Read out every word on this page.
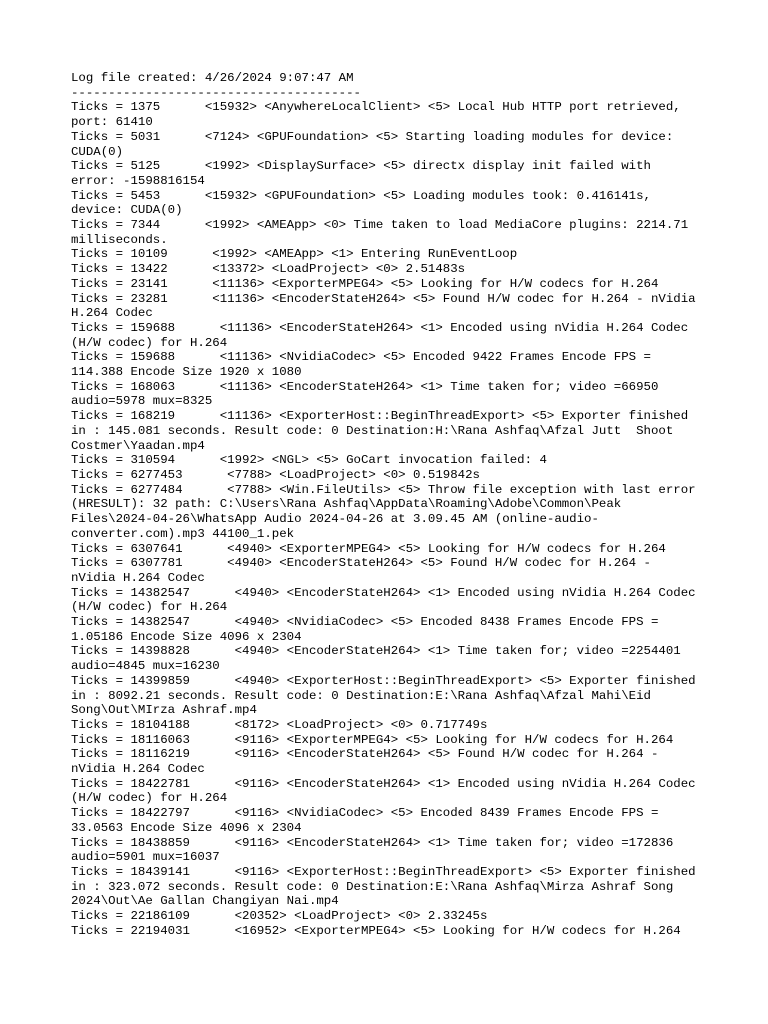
Log file created: 4/26/2024 9:07:47 AM

---------------------------------------

Ticks = 1375      <15932> <AnywhereLocalClient> <5> Local Hub HTTP port retrieved, port: 61410

Ticks = 5031      <7124> <GPUFoundation> <5> Starting loading modules for device: CUDA(0)

Ticks = 5125      <1992> <DisplaySurface> <5> directx display init failed with error: -1598816154

Ticks = 5453      <15932> <GPUFoundation> <5> Loading modules took: 0.416141s, device: CUDA(0)

Ticks = 7344      <1992> <AMEApp> <0> Time taken to load MediaCore plugins: 2214.71 milliseconds.

Ticks = 10109      <1992> <AMEApp> <1> Entering RunEventLoop

Ticks = 13422      <13372> <LoadProject> <0> 2.51483s

Ticks = 23141      <11136> <ExporterMPEG4> <5> Looking for H/W codecs for H.264

Ticks = 23281      <11136> <EncoderStateH264> <5> Found H/W codec for H.264 - nVidia H.264 Codec

Ticks = 159688      <11136> <EncoderStateH264> <1> Encoded using nVidia H.264 Codec (H/W codec) for H.264

Ticks = 159688      <11136> <NvidiaCodec> <5> Encoded 9422 Frames Encode FPS = 114.388 Encode Size 1920 x 1080

Ticks = 168063      <11136> <EncoderStateH264> <1> Time taken for; video =66950 audio=5978 mux=8325

Ticks = 168219      <11136> <ExporterHost::BeginThreadExport> <5> Exporter finished in : 145.081 seconds. Result code: 0 Destination:H:\Rana Ashfaq\Afzal Jutt  Shoot Costmer\Yaadan.mp4

Ticks = 310594      <1992> <NGL> <5> GoCart invocation failed: 4

Ticks = 6277453      <7788> <LoadProject> <0> 0.519842s

Ticks = 6277484      <7788> <Win.FileUtils> <5> Throw file exception with last error (HRESULT): 32 path: C:\Users\Rana Ashfaq\AppData\Roaming\Adobe\Common\Peak Files\2024-04-26\WhatsApp Audio 2024-04-26 at 3.09.45 AM (online-audio-converter.com).mp3 44100_1.pek

Ticks = 6307641      <4940> <ExporterMPEG4> <5> Looking for H/W codecs for H.264

Ticks = 6307781      <4940> <EncoderStateH264> <5> Found H/W codec for H.264 - nVidia H.264 Codec

Ticks = 14382547      <4940> <EncoderStateH264> <1> Encoded using nVidia H.264 Codec (H/W codec) for H.264

Ticks = 14382547      <4940> <NvidiaCodec> <5> Encoded 8438 Frames Encode FPS = 1.05186 Encode Size 4096 x 2304

Ticks = 14398828      <4940> <EncoderStateH264> <1> Time taken for; video =2254401 audio=4845 mux=16230

Ticks = 14399859      <4940> <ExporterHost::BeginThreadExport> <5> Exporter finished in : 8092.21 seconds. Result code: 0 Destination:E:\Rana Ashfaq\Afzal Mahi\Eid Song\Out\MIrza Ashraf.mp4

Ticks = 18104188      <8172> <LoadProject> <0> 0.717749s

Ticks = 18116063      <9116> <ExporterMPEG4> <5> Looking for H/W codecs for H.264

Ticks = 18116219      <9116> <EncoderStateH264> <5> Found H/W codec for H.264 - nVidia H.264 Codec

Ticks = 18422781      <9116> <EncoderStateH264> <1> Encoded using nVidia H.264 Codec (H/W codec) for H.264

Ticks = 18422797      <9116> <NvidiaCodec> <5> Encoded 8439 Frames Encode FPS = 33.0563 Encode Size 4096 x 2304

Ticks = 18438859      <9116> <EncoderStateH264> <1> Time taken for; video =172836 audio=5901 mux=16037

Ticks = 18439141      <9116> <ExporterHost::BeginThreadExport> <5> Exporter finished in : 323.072 seconds. Result code: 0 Destination:E:\Rana Ashfaq\Mirza Ashraf Song 2024\Out\Ae Gallan Changiyan Nai.mp4

Ticks = 22186109      <20352> <LoadProject> <0> 2.33245s

Ticks = 22194031      <16952> <ExporterMPEG4> <5> Looking for H/W codecs for H.264
